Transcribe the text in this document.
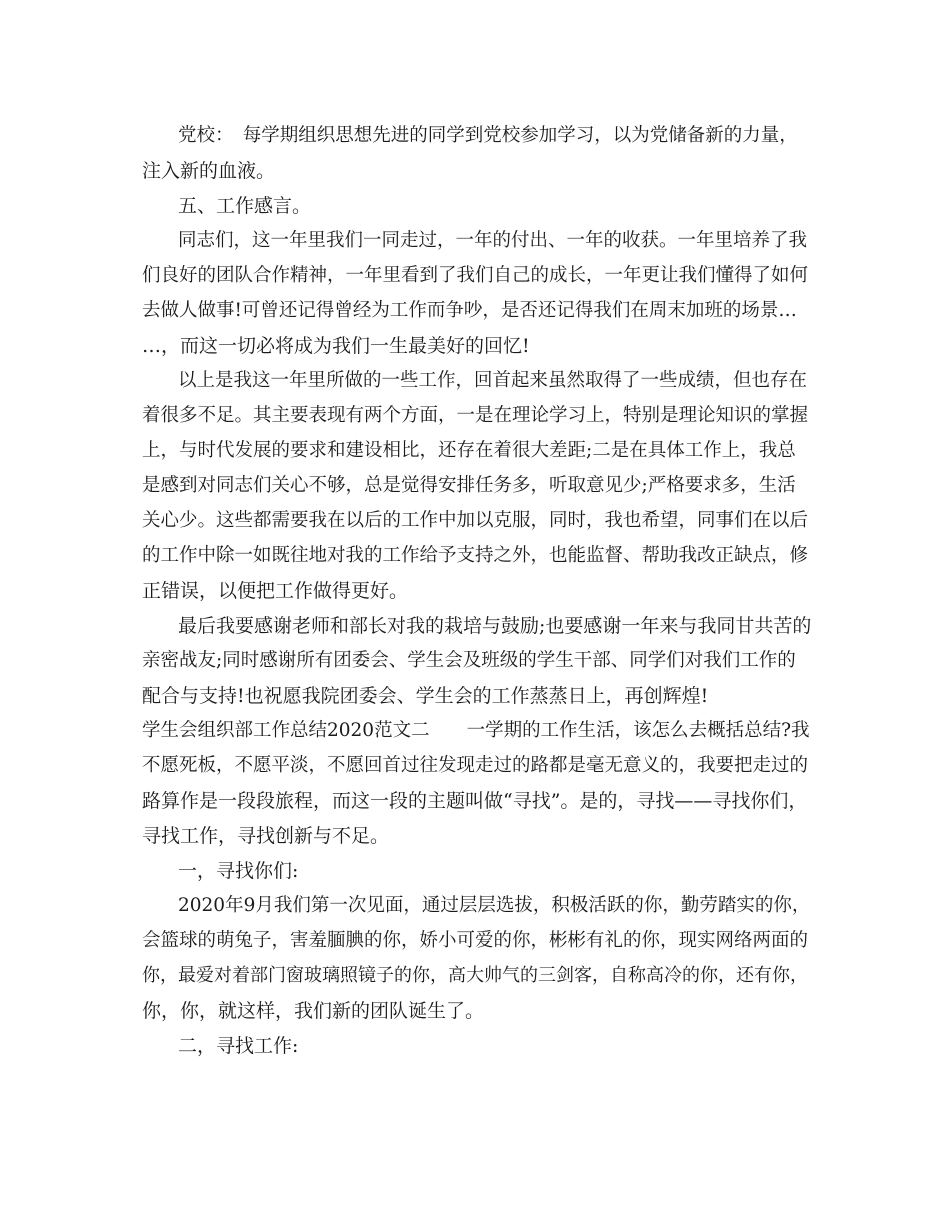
党校：　每学期组织思想先进的同学到党校参加学习，以为党储备新的力量，
注入新的血液。
五、工作感言。
同志们，这一年里我们一同走过，一年的付出、一年的收获。一年里培养了我
们良好的团队合作精神，一年里看到了我们自己的成长，一年更让我们懂得了如何
去做人做事!可曾还记得曾经为工作而争吵，是否还记得我们在周末加班的场景…
…，而这一切必将成为我们一生最美好的回忆!
以上是我这一年里所做的一些工作，回首起来虽然取得了一些成绩，但也存在
着很多不足。其主要表现有两个方面，一是在理论学习上，特别是理论知识的掌握
上，与时代发展的要求和建设相比，还存在着很大差距;二是在具体工作上，我总
是感到对同志们关心不够，总是觉得安排任务多，听取意见少;严格要求多，生活
关心少。这些都需要我在以后的工作中加以克服，同时，我也希望，同事们在以后
的工作中除一如既往地对我的工作给予支持之外，也能监督、帮助我改正缺点，修
正错误，以便把工作做得更好。
最后我要感谢老师和部长对我的栽培与鼓励;也要感谢一年来与我同甘共苦的
亲密战友;同时感谢所有团委会、学生会及班级的学生干部、同学们对我们工作的
配合与支持!也祝愿我院团委会、学生会的工作蒸蒸日上，再创辉煌!
学生会组织部工作总结2020范文二　　一学期的工作生活，该怎么去概括总结?我
不愿死板，不愿平淡，不愿回首过往发现走过的路都是毫无意义的，我要把走过的
路算作是一段段旅程，而这一段的主题叫做“寻找”。是的，寻找——寻找你们，
寻找工作，寻找创新与不足。
一，寻找你们:
2020年9月我们第一次见面，通过层层选拔，积极活跃的你，勤劳踏实的你，
会篮球的萌兔子，害羞腼腆的你，娇小可爱的你，彬彬有礼的你，现实网络两面的
你，最爱对着部门窗玻璃照镜子的你，高大帅气的三剑客，自称高冷的你，还有你，
你，你，就这样，我们新的团队诞生了。
二，寻找工作:
